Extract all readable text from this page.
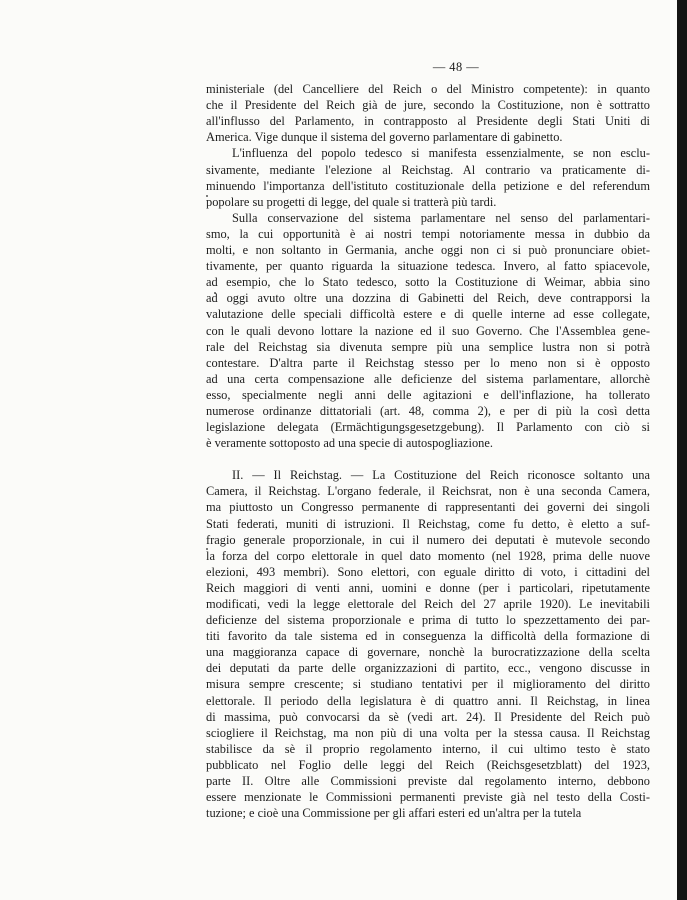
— 48 —
ministeriale (del Cancelliere del Reich o del Ministro competente): in quanto
che il Presidente del Reich già de jure, secondo la Costituzione, non è sottratto
all'influsso del Parlamento, in contrapposto al Presidente degli Stati Uniti di
America. Vige dunque il sistema del governo parlamentare di gabinetto.
L'influenza del popolo tedesco si manifesta essenzialmente, se non esclu-
sivamente, mediante l'elezione al Reichstag. Al contrario va praticamente di-
minuendo l'importanza dell'istituto costituzionale della petizione e del referendum
popolare su progetti di legge, del quale si tratterà più tardi.
Sulla conservazione del sistema parlamentare nel senso del parlamentari-
smo, la cui opportunità è ai nostri tempi notoriamente messa in dubbio da
molti, e non soltanto in Germania, anche oggi non ci si può pronunciare obiet-
tivamente, per quanto riguarda la situazione tedesca. Invero, al fatto spiacevole,
ad esempio, che lo Stato tedesco, sotto la Costituzione di Weimar, abbia sino
ad oggi avuto oltre una dozzina di Gabinetti del Reich, deve contrapporsi la
valutazione delle speciali difficoltà estere e di quelle interne ad esse collegate,
con le quali devono lottare la nazione ed il suo Governo. Che l'Assemblea gene-
rale del Reichstag sia divenuta sempre più una semplice lustra non si potrà
contestare. D'altra parte il Reichstag stesso per lo meno non si è opposto
ad una certa compensazione alle deficienze del sistema parlamentare, allorchè
esso, specialmente negli anni delle agitazioni e dell'inflazione, ha tollerato
numerose ordinanze dittatoriali (art. 48, comma 2), e per di più la così detta
legislazione delegata (Ermächtigungsgesetzgebung). Il Parlamento con ciò si
è veramente sottoposto ad una specie di autospogliazione.
II. — Il Reichstag. — La Costituzione del Reich riconosce soltanto una
Camera, il Reichstag. L'organo federale, il Reichsrat, non è una seconda Camera,
ma piuttosto un Congresso permanente di rappresentanti dei governi dei singoli
Stati federati, muniti di istruzioni. Il Reichstag, come fu detto, è eletto a suf-
fragio generale proporzionale, in cui il numero dei deputati è mutevole secondo
la forza del corpo elettorale in quel dato momento (nel 1928, prima delle nuove
elezioni, 493 membri). Sono elettori, con eguale diritto di voto, i cittadini del
Reich maggiori di venti anni, uomini e donne (per i particolari, ripetutamente
modificati, vedi la legge elettorale del Reich del 27 aprile 1920). Le inevitabili
deficienze del sistema proporzionale e prima di tutto lo spezzettamento dei par-
titi favorito da tale sistema ed in conseguenza la difficoltà della formazione di
una maggioranza capace di governare, nonchè la burocratizzazione della scelta
dei deputati da parte delle organizzazioni di partito, ecc., vengono discusse in
misura sempre crescente; si studiano tentativi per il miglioramento del diritto
elettorale. Il periodo della legislatura è di quattro anni. Il Reichstag, in linea
di massima, può convocarsi da sè (vedi art. 24). Il Presidente del Reich può
sciogliere il Reichstag, ma non più di una volta per la stessa causa. Il Reichstag
stabilisce da sè il proprio regolamento interno, il cui ultimo testo è stato
pubblicato nel Foglio delle leggi del Reich (Reichsgesetzblatt) del 1923,
parte II. Oltre alle Commissioni previste dal regolamento interno, debbono
essere menzionate le Commissioni permanenti previste già nel testo della Costi-
tuzione; e cioè una Commissione per gli affari esteri ed un'altra per la tutela
